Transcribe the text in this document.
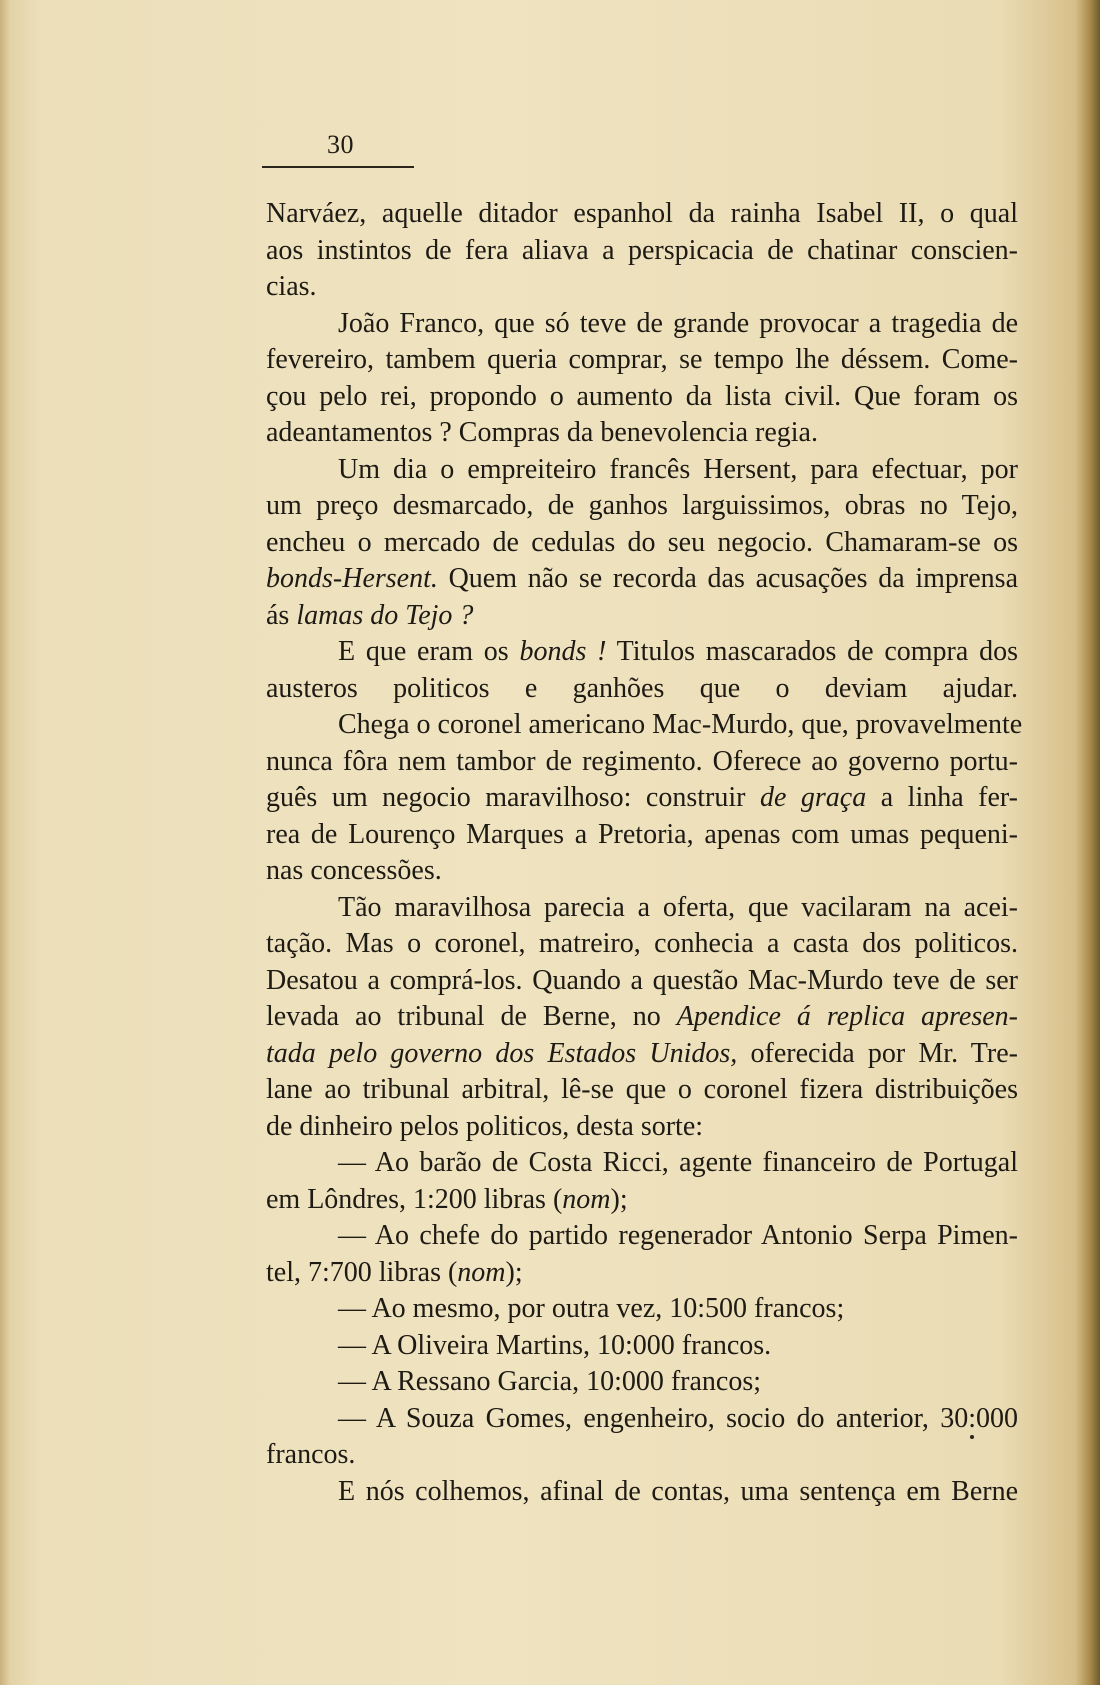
30
Narváez, aquelle ditador espanhol da rainha Isabel II, o qual
aos instintos de fera aliava a perspicacia de chatinar conscien-
cias.
João Franco, que só teve de grande provocar a tragedia de
fevereiro, tambem queria comprar, se tempo lhe déssem. Come-
çou pelo rei, propondo o aumento da lista civil. Que foram os
adeantamentos ? Compras da benevolencia regia.
Um dia o empreiteiro francês Hersent, para efectuar, por
um preço desmarcado, de ganhos larguissimos, obras no Tejo,
encheu o mercado de cedulas do seu negocio. Chamaram-se os
bonds-Hersent. Quem não se recorda das acusações da imprensa
ás lamas do Tejo ?
E que eram os bonds ! Titulos mascarados de compra dos
austeros politicos e ganhões que o deviam ajudar.
Chega o coronel americano Mac-Murdo, que, provavelmente
nunca fôra nem tambor de regimento. Oferece ao governo portu-
guês um negocio maravilhoso: construir de graça a linha fer-
rea de Lourenço Marques a Pretoria, apenas com umas pequeni-
nas concessões.
Tão maravilhosa parecia a oferta, que vacilaram na acei-
tação. Mas o coronel, matreiro, conhecia a casta dos politicos.
Desatou a comprá-los. Quando a questão Mac-Murdo teve de ser
levada ao tribunal de Berne, no Apendice á replica apresen-
tada pelo governo dos Estados Unidos, oferecida por Mr. Tre-
lane ao tribunal arbitral, lê-se que o coronel fizera distribuições
de dinheiro pelos politicos, desta sorte:
— Ao barão de Costa Ricci, agente financeiro de Portugal
em Lôndres, 1:200 libras (nom);
— Ao chefe do partido regenerador Antonio Serpa Pimen-
tel, 7:700 libras (nom);
— Ao mesmo, por outra vez, 10:500 francos;
— A Oliveira Martins, 10:000 francos.
— A Ressano Garcia, 10:000 francos;
— A Souza Gomes, engenheiro, socio do anterior, 30:000
francos.
E nós colhemos, afinal de contas, uma sentença em Berne
